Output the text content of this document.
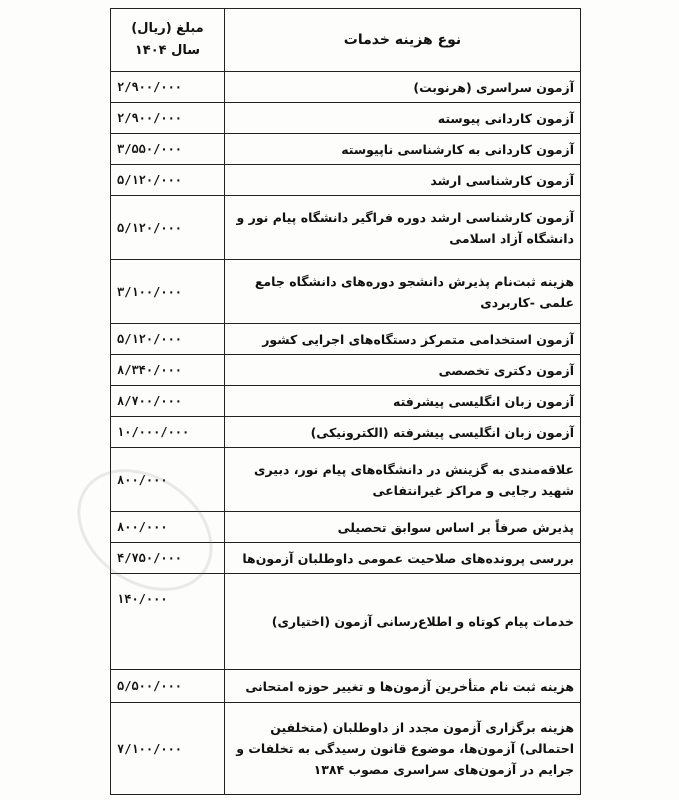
نوع هزینه خدمات	مبلغ (ریال)
سال ۱۴۰۴

آزمون سراسری (هرنوبت)	۲/۹۰۰/۰۰۰
آزمون کاردانی پیوسته	۲/۹۰۰/۰۰۰
آزمون کاردانی به کارشناسی ناپیوسته	۳/۵۵۰/۰۰۰
آزمون کارشناسی ارشد	۵/۱۲۰/۰۰۰
آزمون کارشناسی ارشد دوره فراگیر دانشگاه پیام نور و دانشگاه آزاد اسلامی	۵/۱۲۰/۰۰۰
هزینه ثبت‌نام پذیرش دانشجو دوره‌های دانشگاه جامع علمی -کاربردی	۳/۱۰۰/۰۰۰
آزمون استخدامی متمرکز دستگاه‌های اجرایی کشور	۵/۱۲۰/۰۰۰
آزمون دکتری تخصصی	۸/۳۴۰/۰۰۰
آزمون زبان انگلیسی پیشرفته	۸/۷۰۰/۰۰۰
آزمون زبان انگلیسی پیشرفته (الکترونیکی)	۱۰/۰۰۰/۰۰۰
علاقه‌مندی به گزینش در دانشگاه‌های پیام نور، دبیری شهید رجایی و مراکز غیرانتفاعی	۸۰۰/۰۰۰
پذیرش صرفاً بر اساس سوابق تحصیلی	۸۰۰/۰۰۰
بررسی پرونده‌های صلاحیت عمومی داوطلبان آزمون‌ها	۴/۷۵۰/۰۰۰
خدمات پیام کوتاه و اطلاع‌رسانی آزمون (اختیاری)	۱۴۰/۰۰۰
هزینه ثبت نام متأخرین آزمون‌ها و تغییر حوزه امتحانی	۵/۵۰۰/۰۰۰
هزینه برگزاری آزمون مجدد از داوطلبان (متخلفین احتمالی) آزمون‌ها، موضوع قانون رسیدگی به تخلفات و جرایم در آزمون‌های سراسری مصوب ۱۳۸۴	۷/۱۰۰/۰۰۰
